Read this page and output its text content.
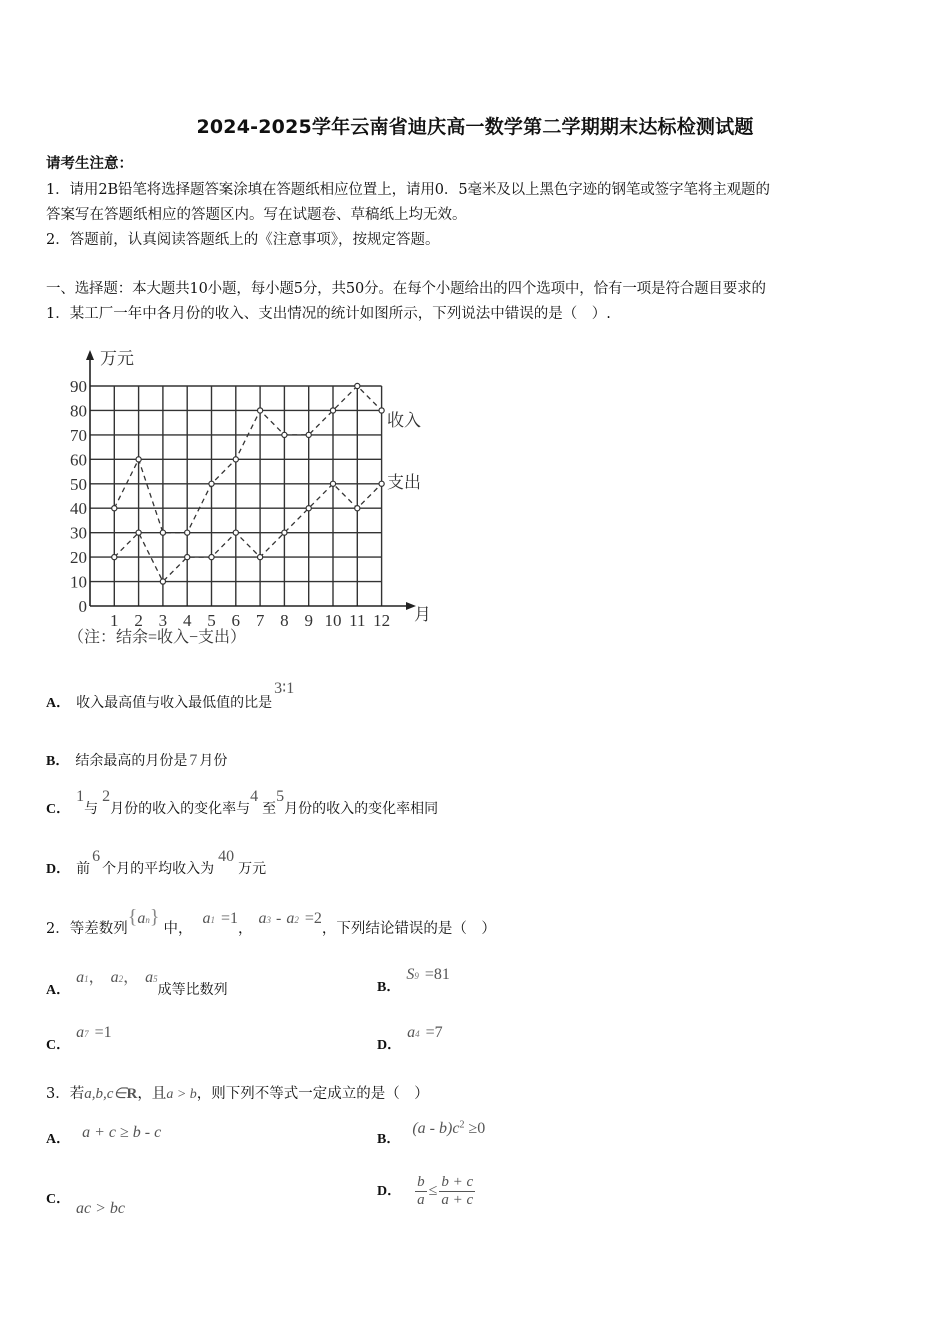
2024-2025学年云南省迪庆高一数学第二学期期末达标检测试题
请考生注意：
1．请用2B铅笔将选择题答案涂填在答题纸相应位置上，请用0．5毫米及以上黑色字迹的钢笔或签字笔将主观题的
答案写在答题纸相应的答题区内。写在试题卷、草稿纸上均无效。
2．答题前，认真阅读答题纸上的《注意事项》，按规定答题。
一、选择题：本大题共10小题，每小题5分，共50分。在每个小题给出的四个选项中，恰有一项是符合题目要求的
1．某工厂一年中各月份的收入、支出情况的统计如图所示，下列说法中错误的是（　）.
0
10
20
30
40
50
60
70
80
90
1 2 3 4 5 6 7 8 9 10 11 12
万元
月
收入
支出
（注：结余=收入−支出）
A． 收入最高值与收入最低值的比是3∶1
B． 结余最高的月份是 7 月份
C．1与2月份的收入的变化率与4至5月份的收入的变化率相同
D． 前6个月的平均收入为40万元
2．等差数列{an}中，a1 =1，a3 - a2 =2，下列结论错误的是（　）
A．a1， a2， a5成等比数列	B．S9 =81
C．a7 =1
D．a4 =7
3．若a,b,c∈R，且a > b，则下列不等式一定成立的是（　）
A． a + c ≥ b - c	B．$(a - b)c^2 \ge 0$
C．
ac > bc
D． $\frac{b}{a} \le \frac{b + c}{a + c}$
